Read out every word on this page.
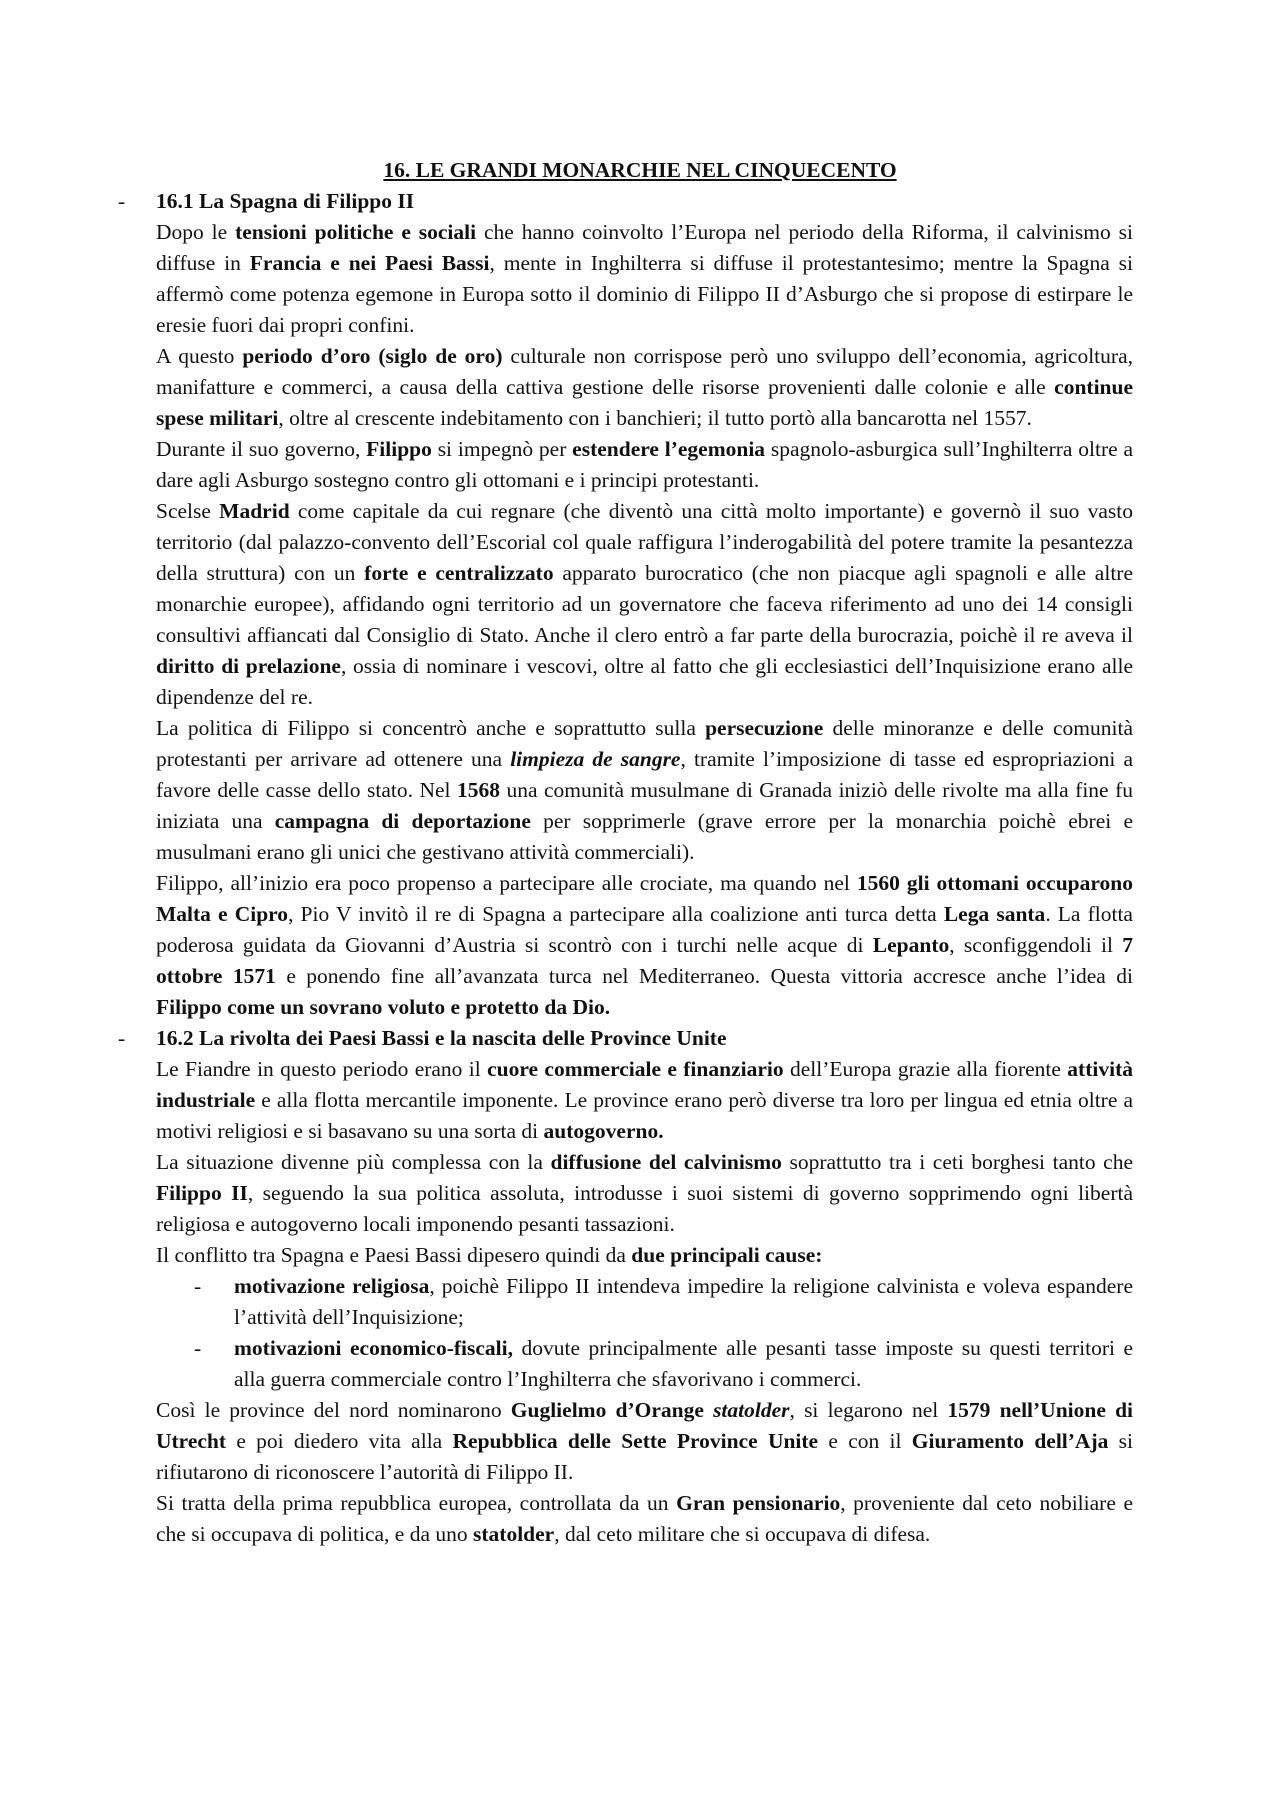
16. LE GRANDI MONARCHIE NEL CINQUECENTO
- 16.1 La Spagna di Filippo II

Dopo le tensioni politiche e sociali che hanno coinvolto l’Europa nel periodo della Riforma, il calvinismo si diffuse in Francia e nei Paesi Bassi, mente in Inghilterra si diffuse il protestantesimo; mentre la Spagna si affermò come potenza egemone in Europa sotto il dominio di Filippo II d’Asburgo che si propose di estirpare le eresie fuori dai propri confini.

A questo periodo d’oro (siglo de oro) culturale non corrispose però uno sviluppo dell’economia, agricoltura, manifatture e commerci, a causa della cattiva gestione delle risorse provenienti dalle colonie e alle continue spese militari, oltre al crescente indebitamento con i banchieri; il tutto portò alla bancarotta nel 1557.

Durante il suo governo, Filippo si impegnò per estendere l’egemonia spagnolo-asburgica sull’Inghilterra oltre a dare agli Asburgo sostegno contro gli ottomani e i principi protestanti.

Scelse Madrid come capitale da cui regnare (che diventò una città molto importante) e governò il suo vasto territorio (dal palazzo-convento dell’Escorial col quale raffigura l’inderogabilità del potere tramite la pesantezza della struttura) con un forte e centralizzato apparato burocratico (che non piacque agli spagnoli e alle altre monarchie europee), affidando ogni territorio ad un governatore che faceva riferimento ad uno dei 14 consigli consultivi affiancati dal Consiglio di Stato. Anche il clero entrò a far parte della burocrazia, poichè il re aveva il diritto di prelazione, ossia di nominare i vescovi, oltre al fatto che gli ecclesiastici dell’Inquisizione erano alle dipendenze del re.

La politica di Filippo si concentrò anche e soprattutto sulla persecuzione delle minoranze e delle comunità protestanti per arrivare ad ottenere una limpieza de sangre, tramite l’imposizione di tasse ed espropriazioni a favore delle casse dello stato. Nel 1568 una comunità musulmane di Granada iniziò delle rivolte ma alla fine fu iniziata una campagna di deportazione per sopprimerle (grave errore per la monarchia poichè ebrei e musulmani erano gli unici che gestivano attività commerciali).

Filippo, all’inizio era poco propenso a partecipare alle crociate, ma quando nel 1560 gli ottomani occuparono Malta e Cipro, Pio V invitò il re di Spagna a partecipare alla coalizione anti turca detta Lega santa. La flotta poderosa guidata da Giovanni d’Austria si scontrò con i turchi nelle acque di Lepanto, sconfiggendoli il 7 ottobre 1571 e ponendo fine all’avanzata turca nel Mediterraneo. Questa vittoria accresce anche l’idea di Filippo come un sovrano voluto e protetto da Dio.

- 16.2 La rivolta dei Paesi Bassi e la nascita delle Province Unite

Le Fiandre in questo periodo erano il cuore commerciale e finanziario dell’Europa grazie alla fiorente attività industriale e alla flotta mercantile imponente. Le province erano però diverse tra loro per lingua ed etnia oltre a motivi religiosi e si basavano su una sorta di autogoverno.

La situazione divenne più complessa con la diffusione del calvinismo soprattutto tra i ceti borghesi tanto che Filippo II, seguendo la sua politica assoluta, introdusse i suoi sistemi di governo sopprimendo ogni libertà religiosa e autogoverno locali imponendo pesanti tassazioni.

Il conflitto tra Spagna e Paesi Bassi dipesero quindi da due principali cause:

- motivazione religiosa, poichè Filippo II intendeva impedire la religione calvinista e voleva espandere l’attività dell’Inquisizione;

- motivazioni economico-fiscali, dovute principalmente alle pesanti tasse imposte su questi territori e alla guerra commerciale contro l’Inghilterra che sfavorivano i commerci.

Così le province del nord nominarono Guglielmo d’Orange statolder, si legarono nel 1579 nell’Unione di Utrecht e poi diedero vita alla Repubblica delle Sette Province Unite e con il Giuramento dell’Aja si rifiutarono di riconoscere l’autorità di Filippo II.

Si tratta della prima repubblica europea, controllata da un Gran pensionario, proveniente dal ceto nobiliare e che si occupava di politica, e da uno statolder, dal ceto militare che si occupava di difesa.
